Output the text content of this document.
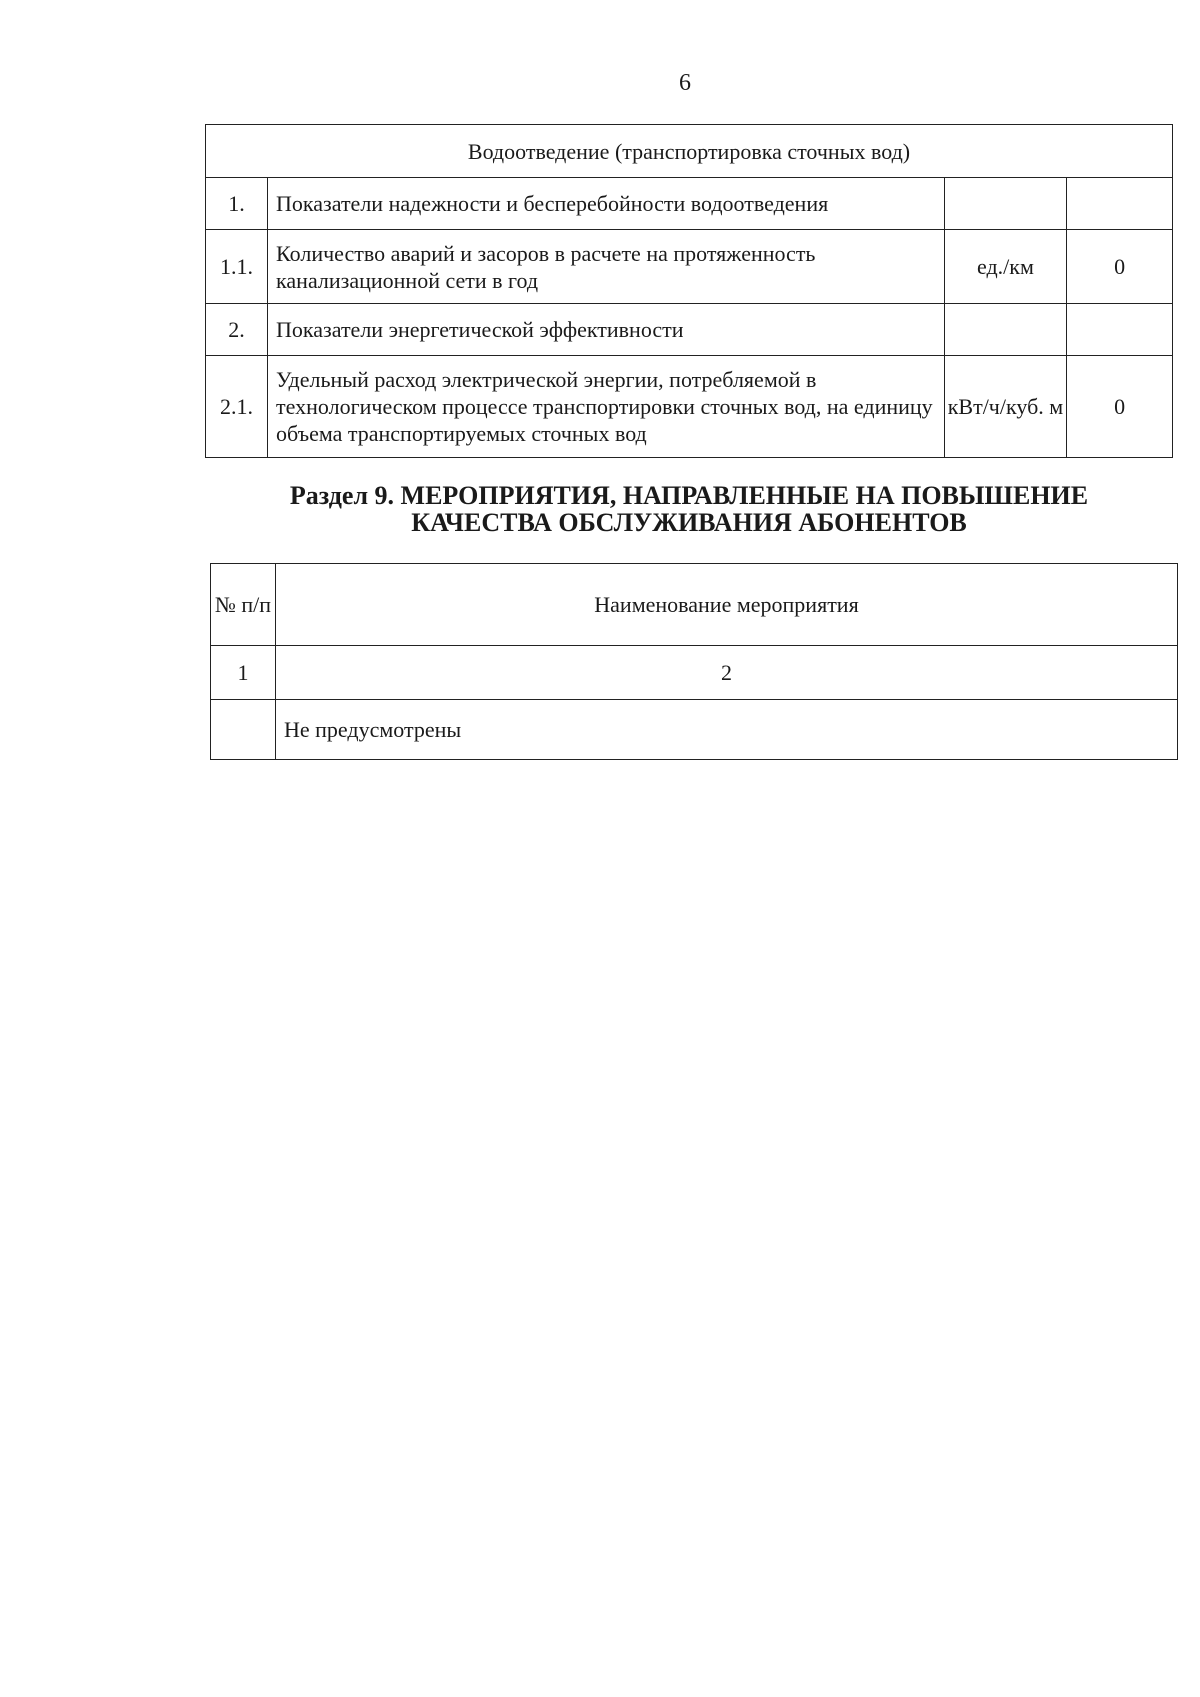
6
Водоотведение (транспортировка сточных вод)			
1.	Показатели надежности и бесперебойности водоотведения		
1.1.	Количество аварий и засоров в расчете на протяженность канализационной сети в год	ед./км	0
2.	Показатели энергетической эффективности		
2.1.	Удельный расход электрической энергии, потребляемой в технологическом процессе транспортировки сточных вод, на единицу объема транспортируемых сточных вод	кВт/ч/куб. м	0
Раздел 9. МЕРОПРИЯТИЯ, НАПРАВЛЕННЫЕ НА ПОВЫШЕНИЕ
КАЧЕСТВА ОБСЛУЖИВАНИЯ АБОНЕНТОВ
№ п/п	Наименование мероприятия
1	2
	Не предусмотрены
